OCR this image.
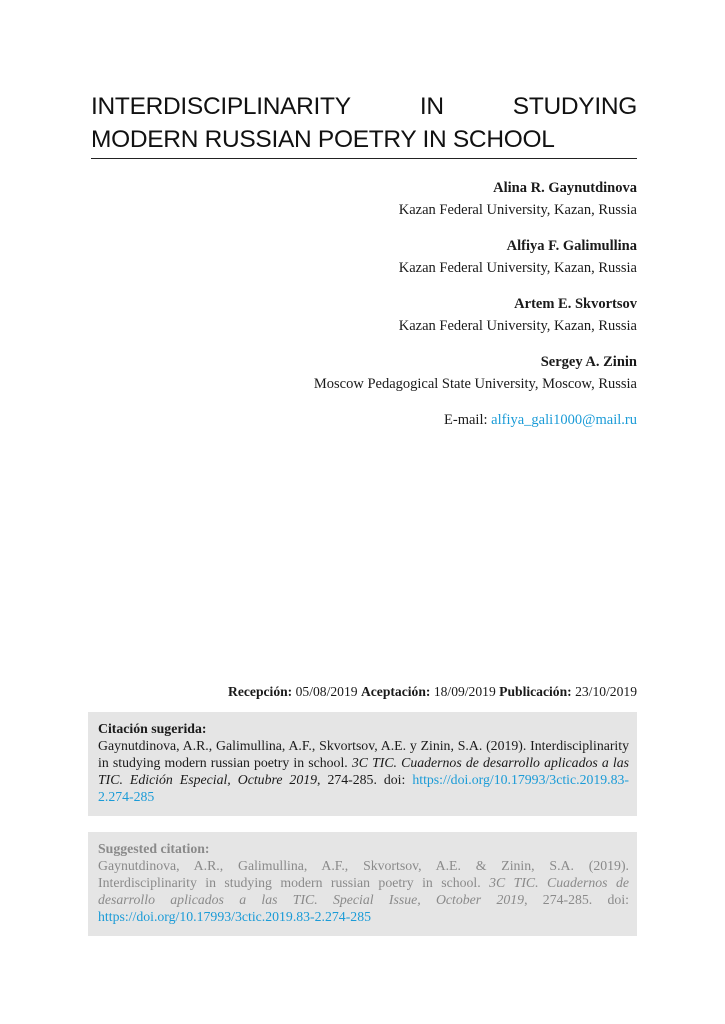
INTERDISCIPLINARITY	IN	STUDYING
MODERN RUSSIAN POETRY IN SCHOOL
Alina R. Gaynutdinova
Kazan Federal University, Kazan, Russia
Alfiya F. Galimullina
Kazan Federal University, Kazan, Russia
Artem E. Skvortsov
Kazan Federal University, Kazan, Russia
Sergey A. Zinin
Moscow Pedagogical State University, Moscow, Russia
E-mail: alfiya_gali1000@mail.ru
Recepción: 05/08/2019 Aceptación: 18/09/2019 Publicación: 23/10/2019
Citación sugerida:
Gaynutdinova, A.R., Galimullina, A.F., Skvortsov, A.E. y Zinin, S.A. (2019). Interdisciplinarity in studying modern russian poetry in school. 3C TIC. Cuadernos de desarrollo aplicados a las TIC. Edición Especial, Octubre 2019, 274-285. doi: https://doi.org/10.17993/3ctic.2019.83-2.274-285
Suggested citation:
Gaynutdinova, A.R., Galimullina, A.F., Skvortsov, A.E. & Zinin, S.A. (2019). Interdisciplinarity in studying modern russian poetry in school. 3C TIC. Cuadernos de desarrollo aplicados a las TIC. Special Issue, October 2019, 274-285. doi: https://doi.org/10.17993/3ctic.2019.83-2.274-285
